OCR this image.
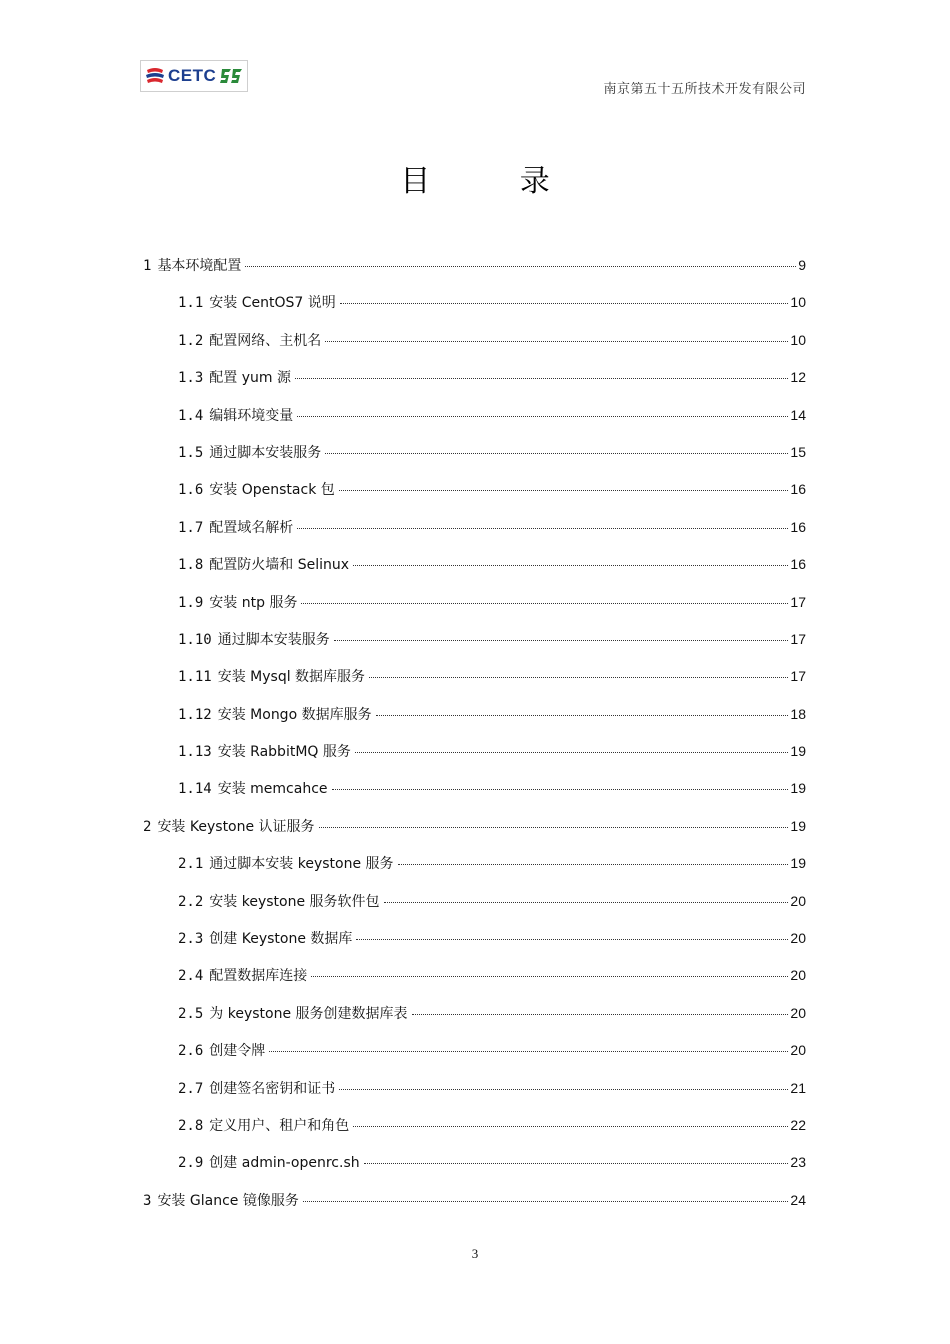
CETC
南京第五十五所技术开发有限公司
目 录
1 基本环境配置	9
1.1 安装 CentOS7 说明	10
1.2 配置网络、主机名	10
1.3 配置 yum 源	12
1.4 编辑环境变量	14
1.5 通过脚本安装服务	15
1.6 安装 Openstack 包	16
1.7 配置域名解析	16
1.8 配置防火墙和 Selinux	16
1.9 安装 ntp 服务	17
1.10 通过脚本安装服务	17
1.11 安装 Mysql 数据库服务	17
1.12 安装 Mongo 数据库服务	18
1.13 安装 RabbitMQ 服务	19
1.14 安装 memcahce	19
2 安装 Keystone 认证服务	19
2.1 通过脚本安装 keystone 服务	19
2.2 安装 keystone 服务软件包	20
2.3 创建 Keystone 数据库	20
2.4 配置数据库连接	20
2.5 为 keystone 服务创建数据库表	20
2.6 创建令牌	20
2.7 创建签名密钥和证书	21
2.8 定义用户、租户和角色	22
2.9 创建 admin-openrc.sh	23
3 安装 Glance 镜像服务	24
3
